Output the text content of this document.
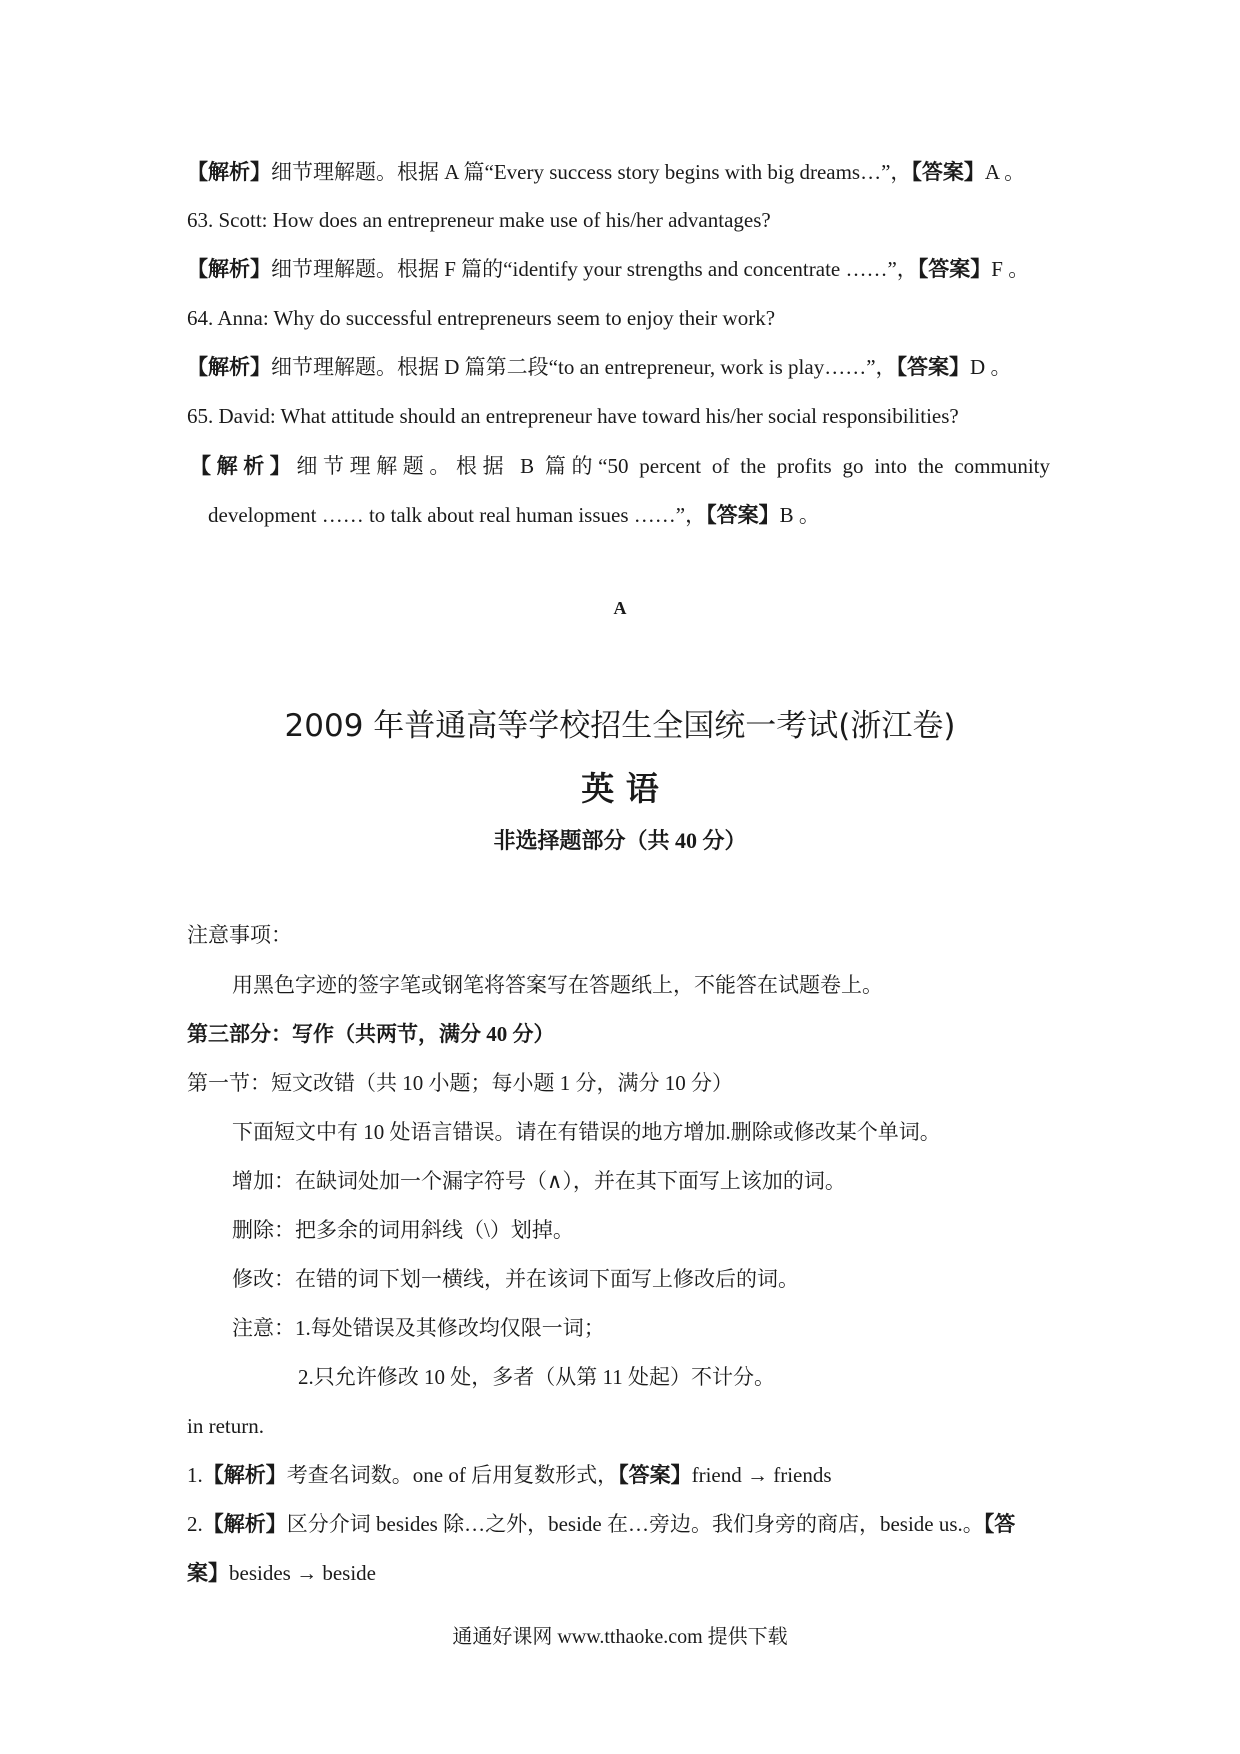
【解析】细节理解题。根据 A 篇“Every success story begins with big dreams…”，【答案】A 。
63. Scott: How does an entrepreneur make use of his/her advantages?
【解析】细节理解题。根据 F 篇的“identify your strengths and concentrate ……”，【答案】F 。
64. Anna: Why do successful entrepreneurs seem to enjoy their work?
【解析】细节理解题。根据 D 篇第二段“to an entrepreneur, work is play……”，【答案】D 。
65. David: What attitude should an entrepreneur have toward his/her social responsibilities?
【解析】细节理解题。根据 B 篇的“50 percent of the profits go into the community
development …… to talk about real human issues ……”，【答案】B 。
A
2009 年普通高等学校招生全国统一考试(浙江卷)
英 语
非选择题部分（共 40 分）
注意事项：
用黑色字迹的签字笔或钢笔将答案写在答题纸上，不能答在试题卷上。
第三部分：写作（共两节，满分 40 分）
第一节：短文改错（共 10 小题；每小题 1 分，满分 10 分）
下面短文中有 10 处语言错误。请在有错误的地方增加.删除或修改某个单词。
增加：在缺词处加一个漏字符号（∧），并在其下面写上该加的词。
删除：把多余的词用斜线（\）划掉。
修改：在错的词下划一横线，并在该词下面写上修改后的词。
注意：1.每处错误及其修改均仅限一词；
2.只允许修改 10 处，多者（从第 11 处起）不计分。
in return.
1.【解析】考查名词数。one of 后用复数形式，【答案】friend → friends
2.【解析】区分介词 besides 除…之外，beside 在…旁边。我们身旁的商店，beside us.。【答
案】besides → beside
通通好课网 www.tthaoke.com 提供下载
